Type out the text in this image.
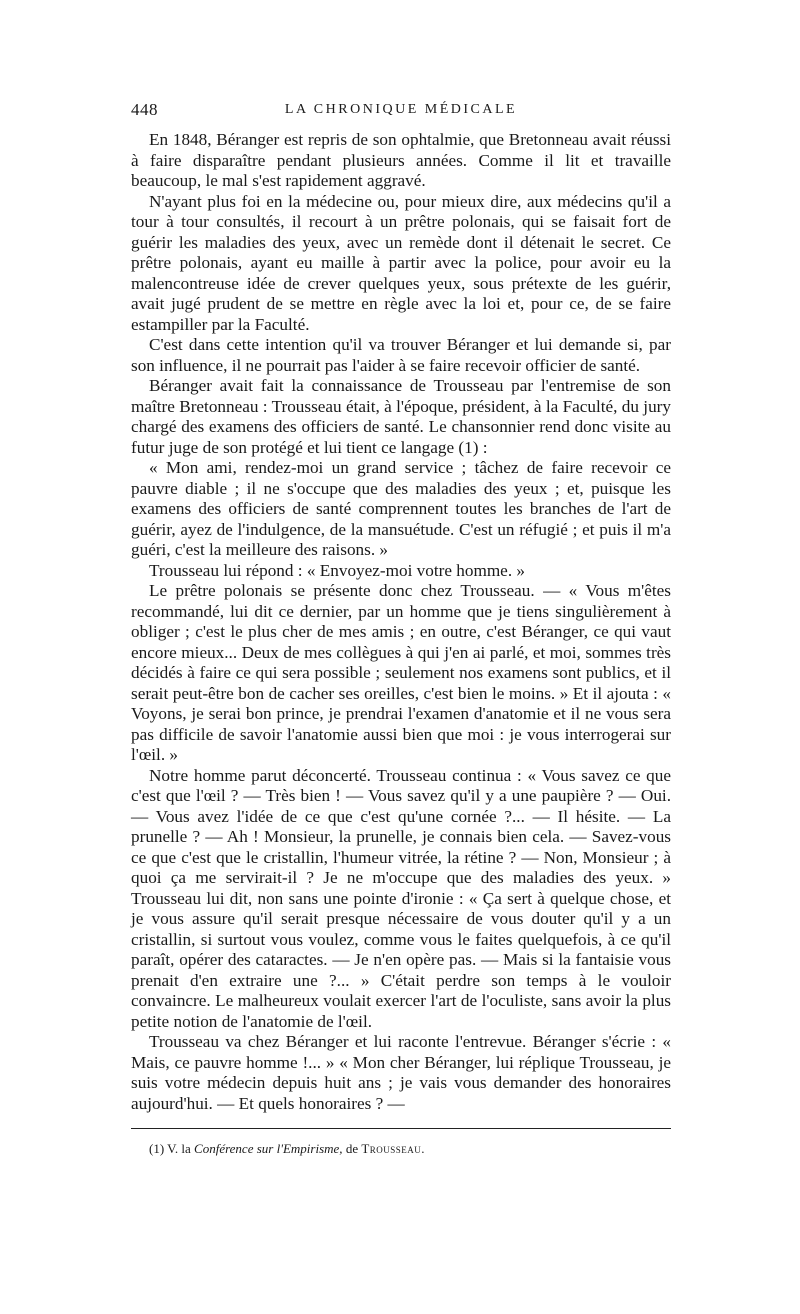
448	LA CHRONIQUE MÉDICALE

En 1848, Béranger est repris de son ophtalmie, que Bretonneau avait réussi à faire disparaître pendant plusieurs années. Comme il lit et travaille beaucoup, le mal s'est rapidement aggravé.

N'ayant plus foi en la médecine ou, pour mieux dire, aux médecins qu'il a tour à tour consultés, il recourt à un prêtre polonais, qui se faisait fort de guérir les maladies des yeux, avec un remède dont il détenait le secret. Ce prêtre polonais, ayant eu maille à partir avec la police, pour avoir eu la malencontreuse idée de crever quelques yeux, sous prétexte de les guérir, avait jugé prudent de se mettre en règle avec la loi et, pour ce, de se faire estampiller par la Faculté.

C'est dans cette intention qu'il va trouver Béranger et lui demande si, par son influence, il ne pourrait pas l'aider à se faire recevoir officier de santé.

Béranger avait fait la connaissance de Trousseau par l'entremise de son maître Bretonneau : Trousseau était, à l'époque, président, à la Faculté, du jury chargé des examens des officiers de santé. Le chansonnier rend donc visite au futur juge de son protégé et lui tient ce langage (1) :

« Mon ami, rendez-moi un grand service ; tâchez de faire recevoir ce pauvre diable ; il ne s'occupe que des maladies des yeux ; et, puisque les examens des officiers de santé comprennent toutes les branches de l'art de guérir, ayez de l'indulgence, de la mansuétude. C'est un réfugié ; et puis il m'a guéri, c'est la meilleure des raisons. »

Trousseau lui répond : « Envoyez-moi votre homme. »

Le prêtre polonais se présente donc chez Trousseau. — « Vous m'êtes recommandé, lui dit ce dernier, par un homme que je tiens singulièrement à obliger ; c'est le plus cher de mes amis ; en outre, c'est Béranger, ce qui vaut encore mieux... Deux de mes collègues à qui j'en ai parlé, et moi, sommes très décidés à faire ce qui sera possible ; seulement nos examens sont publics, et il serait peut-être bon de cacher ses oreilles, c'est bien le moins. » Et il ajouta : « Voyons, je serai bon prince, je prendrai l'examen d'anatomie et il ne vous sera pas difficile de savoir l'anatomie aussi bien que moi : je vous interrogerai sur l'œil. »

Notre homme parut déconcerté. Trousseau continua : « Vous savez ce que c'est que l'œil ? — Très bien ! — Vous savez qu'il y a une paupière ? — Oui. — Vous avez l'idée de ce que c'est qu'une cornée ?... — Il hésite. — La prunelle ? — Ah ! Monsieur, la prunelle, je connais bien cela. — Savez-vous ce que c'est que le cristallin, l'humeur vitrée, la rétine ? — Non, Monsieur ; à quoi ça me servirait-il ? Je ne m'occupe que des maladies des yeux. » Trousseau lui dit, non sans une pointe d'ironie : « Ça sert à quelque chose, et je vous assure qu'il serait presque nécessaire de vous douter qu'il y a un cristallin, si surtout vous voulez, comme vous le faites quelquefois, à ce qu'il paraît, opérer des cataractes. — Je n'en opère pas. — Mais si la fantaisie vous prenait d'en extraire une ?... » C'était perdre son temps à le vouloir convaincre. Le malheureux voulait exercer l'art de l'oculiste, sans avoir la plus petite notion de l'anatomie de l'œil.

Trousseau va chez Béranger et lui raconte l'entrevue. Béranger s'écrie : « Mais, ce pauvre homme !... » « Mon cher Béranger, lui réplique Trousseau, je suis votre médecin depuis huit ans ; je vais vous demander des honoraires aujourd'hui. — Et quels honoraires ? —

(1) V. la Conférence sur l'Empirisme, de Trousseau.
